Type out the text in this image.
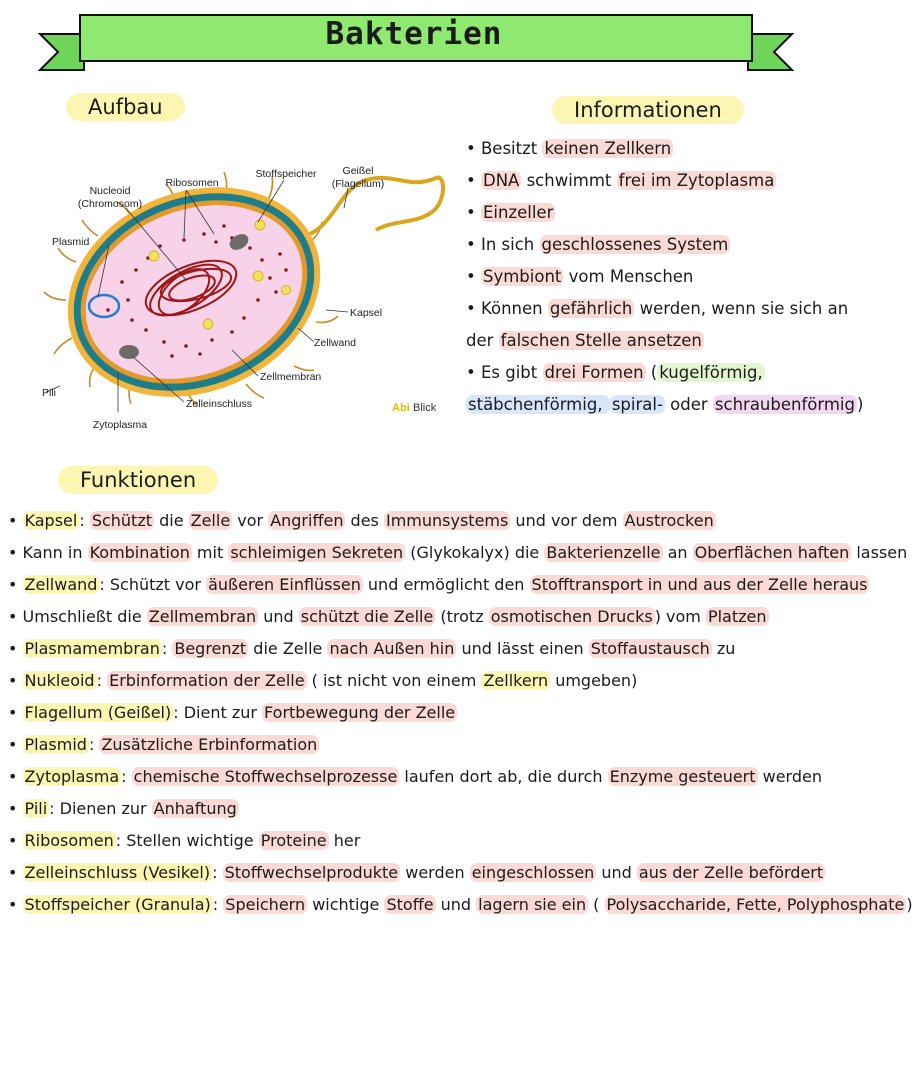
Bakterien
Aufbau	Informationen
Funktionen
Nucleoid
(Chromosom)
Ribosomen
Stoffspeicher Geißel
(Flagellum)
Plasmid
Kapsel
Zellwand
Zellmembran
Pili
Zelleinschluss
Zytoplasma
Abi Blick
• Besitzt keinen Zellkern
• DNA schwimmt frei im Zytoplasma
• Einzeller
• In sich geschlossenes System
• Symbiont vom Menschen
• Können gefährlich werden, wenn sie sich an
der falschen Stelle ansetzen
• Es gibt drei Formen ( kugelförmig,
stäbchenförmig, spiral- oder schraubenförmig )
• Kapsel : Schützt die Zelle vor Angriffen des Immunsystems und vor dem Austrocken
• Kann in Kombination mit schleimigen Sekreten (Glykokalyx) die Bakterienzelle an Oberflächen haften lassen
• Zellwand : Schützt vor äußeren Einflüssen und ermöglicht den Stofftransport in und aus der Zelle heraus
• Umschließt die Zellmembran und schützt die Zelle (trotz osmotischen Drucks ) vom Platzen
• Plasmamembran : Begrenzt die Zelle nach Außen hin und lässt einen Stoffaustausch zu
• Nukleoid : Erbinformation der Zelle ( ist nicht von einem Zellkern umgeben)
• Flagellum (Geißel) : Dient zur Fortbewegung der Zelle
• Plasmid : Zusätzliche Erbinformation
• Zytoplasma : chemische Stoffwechselprozesse laufen dort ab, die durch Enzyme gesteuert werden
• Pili : Dienen zur Anhaftung
• Ribosomen : Stellen wichtige Proteine her
• Zelleinschluss (Vesikel) : Stoffwechselprodukte werden eingeschlossen und aus der Zelle befördert
• Stoffspeicher (Granula) : Speichern wichtige Stoffe und lagern sie ein ( Polysaccharide, Fette, Polyphosphate )
